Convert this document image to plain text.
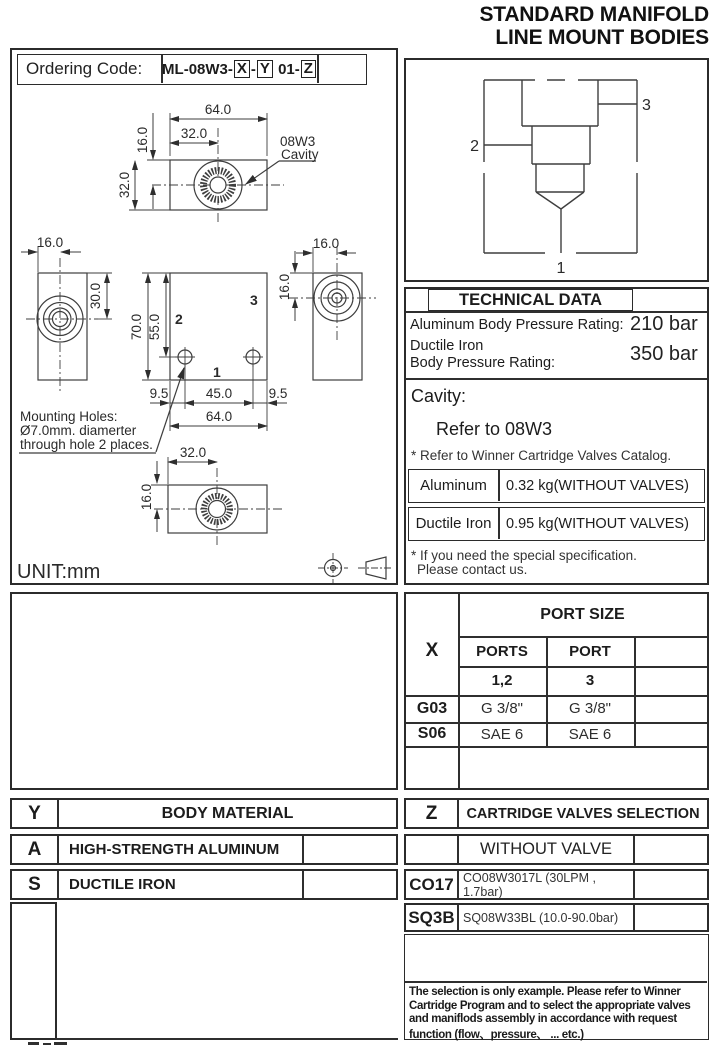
STANDARD MANIFOLD
LINE MOUNT BODIES
Ordering Code:	ML-08W3- X - Y 01- Z
64.0
32.0
16.0
32.0
08W3
Cavity
16.0
30.0
70.0 55.0
9.5	45.0	9.5
64.0
16.0
16.0
32.0
16.0
2
3
1
Mounting Holes:
Ø7.0mm. diamerter
through hole 2 places.
UNIT:mm
3
2
1
TECHNICAL DATA
Aluminum Body Pressure Rating: 210 bar
Ductile Iron
Body Pressure Rating:	350 bar
Cavity:
Refer to 08W3
* Refer to Winner Cartridge Valves Catalog.
Aluminum	0.32 kg(WITHOUT VALVES)
Ductile Iron	0.95 kg(WITHOUT VALVES)
* If you need the special specification.
Please contact us.
X
PORT SIZE
PORTS	PORT
1,2	3
G03	G 3/8"	G 3/8"
S06	SAE 6	SAE 6
Y	BODY MATERIAL
A	HIGH-STRENGTH ALUMINUM
S	DUCTILE IRON
Z	CARTRIDGE VALVES SELECTION
WITHOUT VALVE
CO17 CO08W3017L (30LPM , 1.7bar)
SQ3B SQ08W33BL (10.0-90.0bar)

The selection is only example. Please refer to Winner

Cartridge Program and to select the appropriate valves

and maniflods assembly in accordance with request

function (flow、pressure、 ... etc.)
